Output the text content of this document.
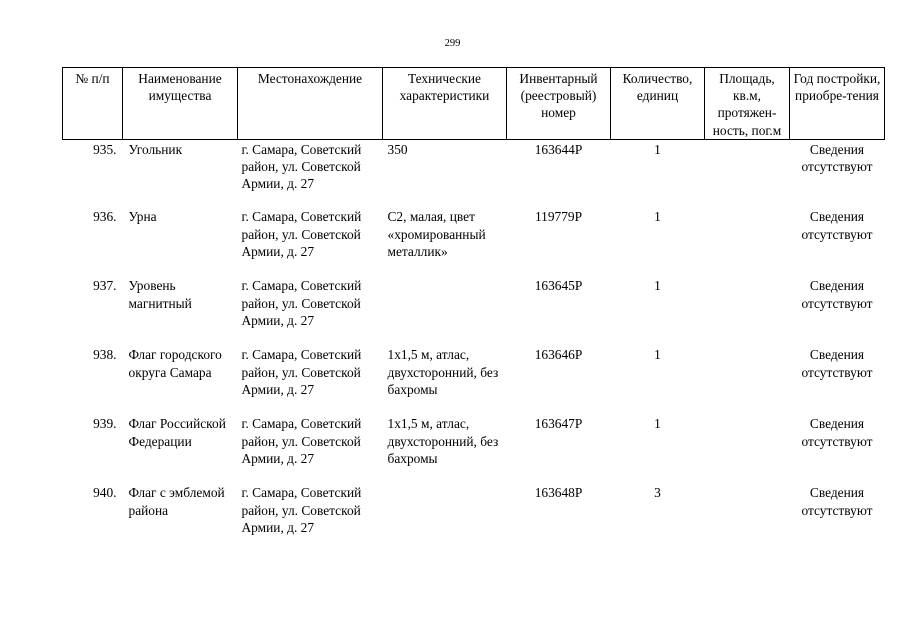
299
№ п/п	Наименование имущества	Местонахождение	Технические характеристики	Инвентарный (реестровый) номер	Количество, единиц	Площадь, кв.м, протяжен-ность, пог.м	Год постройки, приобре-тения
935.	Угольник	г. Самара, Советский район, ул. Советской Армии, д. 27	350	163644Р	1		Сведения отсутствуют
936.	Урна	г. Самара, Советский район, ул. Советской Армии, д. 27	С2, малая, цвет «хромированный металлик»	119779Р	1		Сведения отсутствуют
937.	Уровень магнитный	г. Самара, Советский район, ул. Советской Армии, д. 27		163645Р	1		Сведения отсутствуют
938.	Флаг городского округа Самара	г. Самара, Советский район, ул. Советской Армии, д. 27	1х1,5 м, атлас, двухсторонний, без бахромы	163646Р	1		Сведения отсутствуют
939.	Флаг Российской Федерации	г. Самара, Советский район, ул. Советской Армии, д. 27	1х1,5 м, атлас, двухсторонний, без бахромы	163647Р	1		Сведения отсутствуют
940.	Флаг с эмблемой района	г. Самара, Советский район, ул. Советской Армии, д. 27		163648Р	3		Сведения отсутствуют
